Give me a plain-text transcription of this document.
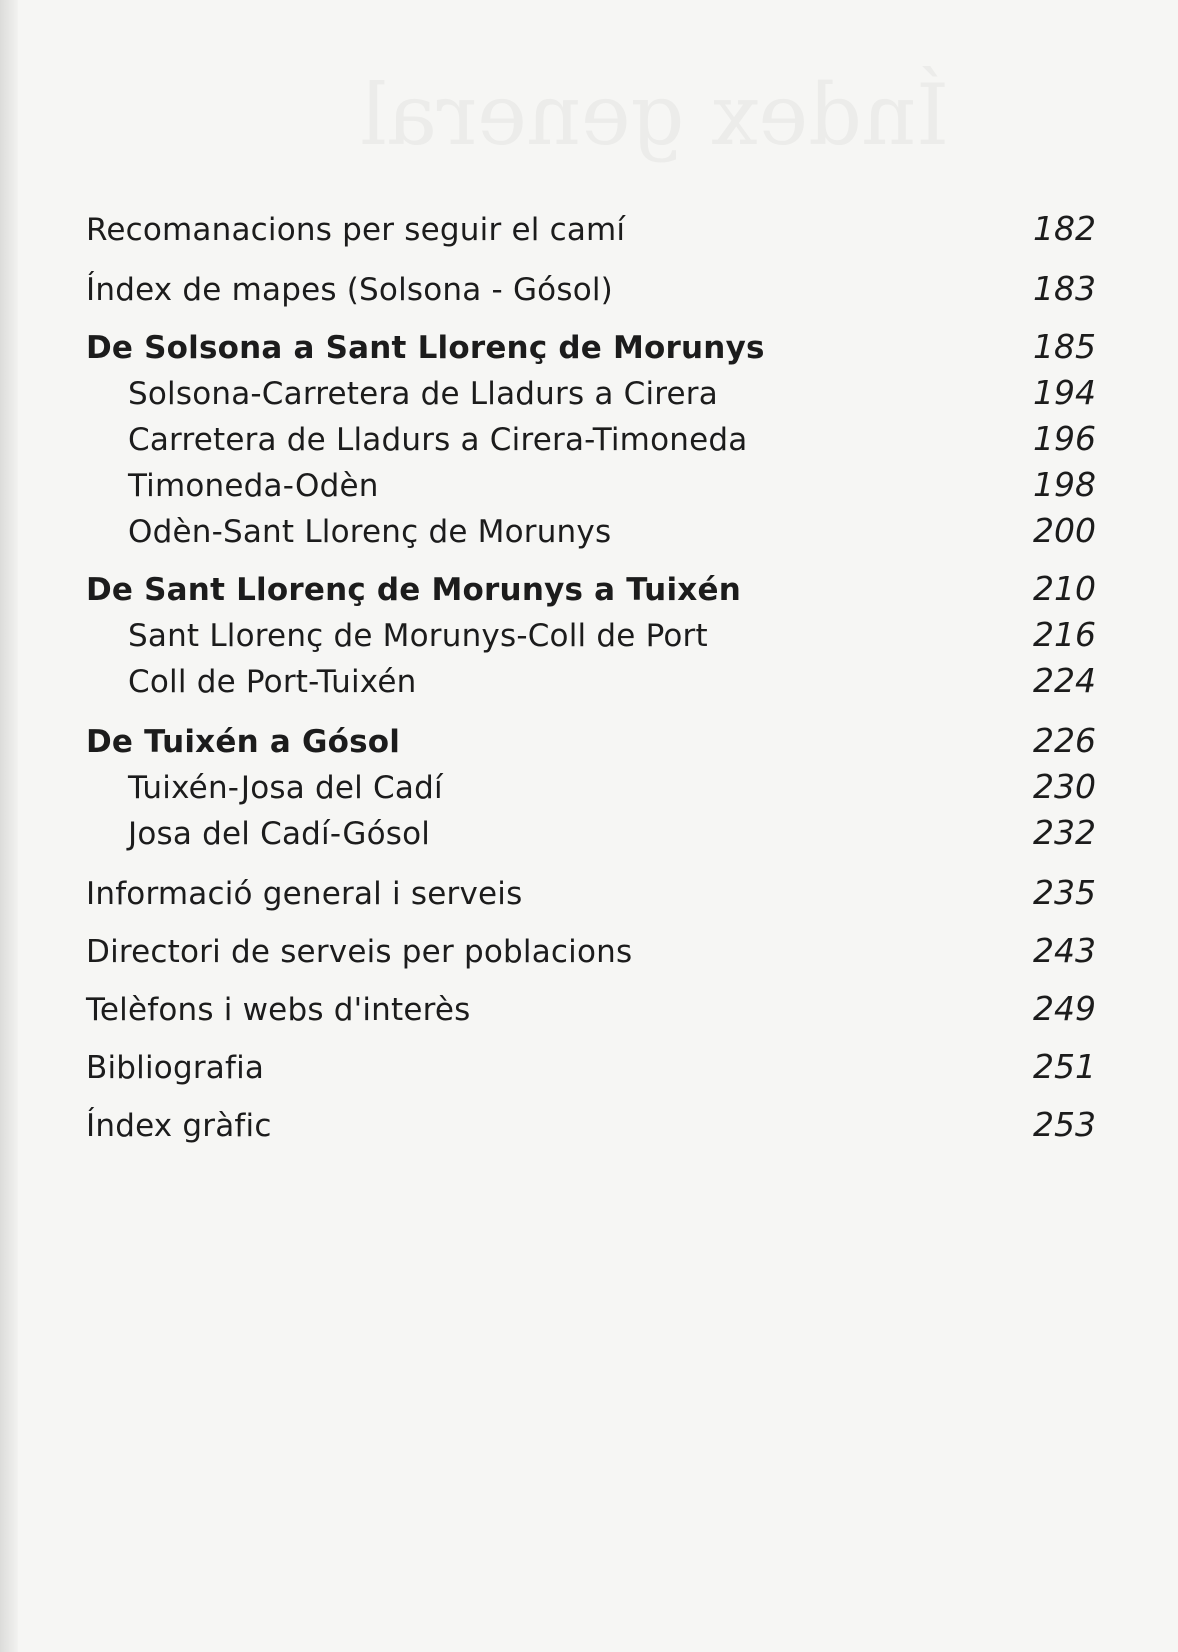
Índex general
Recomanacions per seguir el camí	182
Índex de mapes (Solsona - Gósol)	183
De Solsona a Sant Llorenç de Morunys	185
Solsona-Carretera de Lladurs a Cirera	194
Carretera de Lladurs a Cirera-Timoneda	196
Timoneda-Odèn	198
Odèn-Sant Llorenç de Morunys	200
De Sant Llorenç de Morunys a Tuixén	210
Sant Llorenç de Morunys-Coll de Port	216
Coll de Port-Tuixén	224
De Tuixén a Gósol	226
Tuixén-Josa del Cadí	230
Josa del Cadí-Gósol	232
Informació general i serveis	235
Directori de serveis per poblacions	243
Telèfons i webs d'interès	249
Bibliografia	251
Índex gràfic	253
